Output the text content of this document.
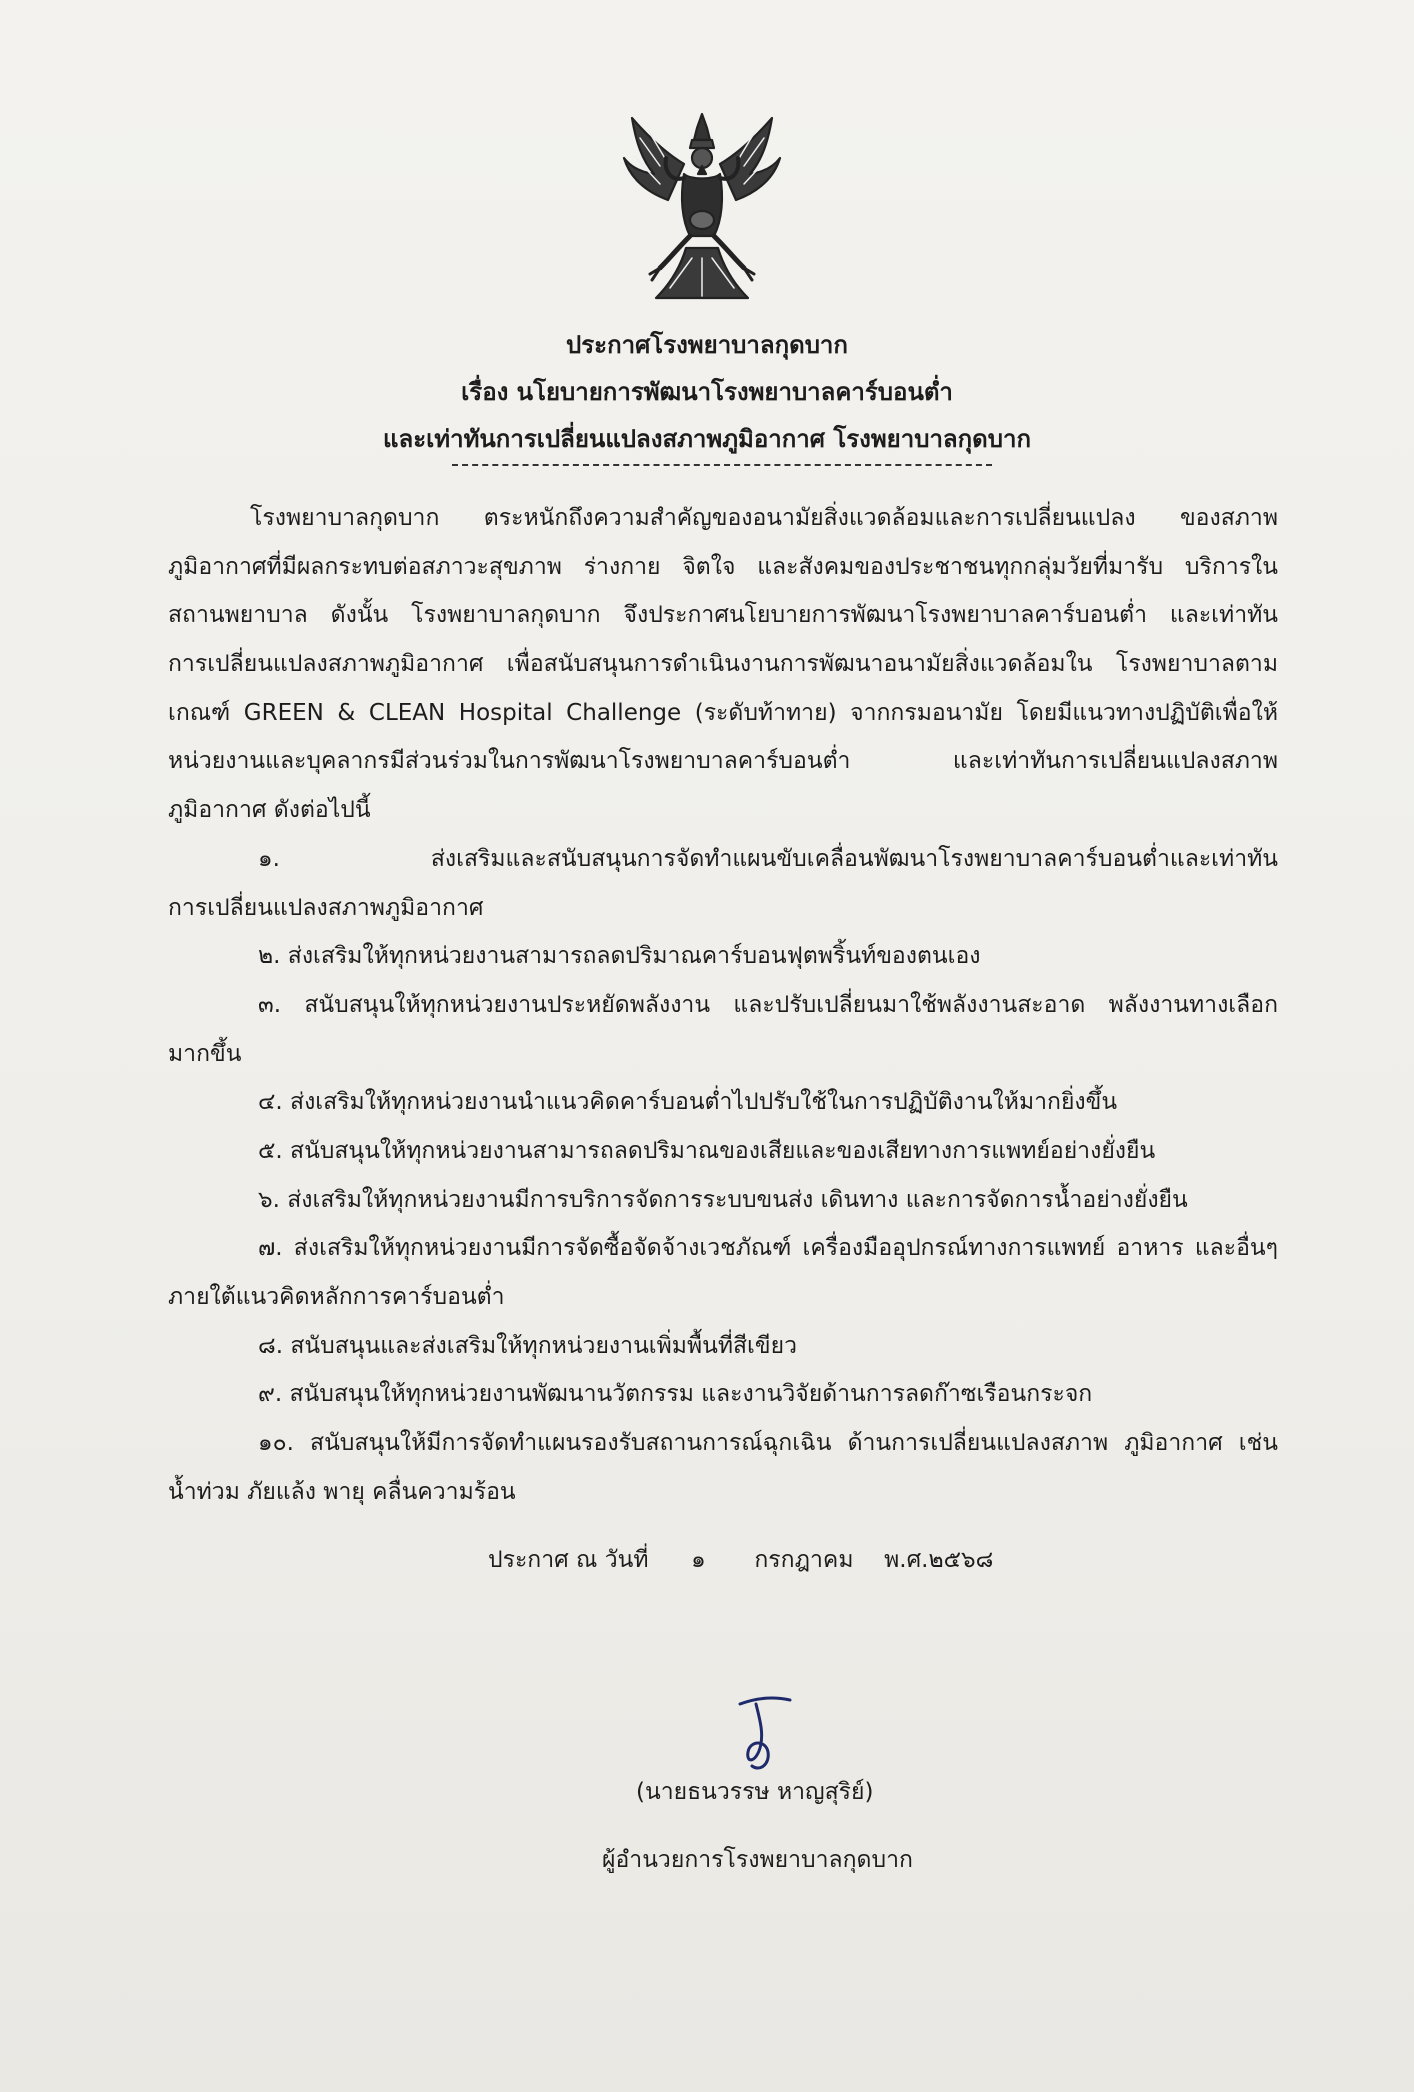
ประกาศโรงพยาบาลกุดบาก
เรื่อง นโยบายการพัฒนาโรงพยาบาลคาร์บอนต่ำ
และเท่าทันการเปลี่ยนแปลงสภาพภูมิอากาศ โรงพยาบาลกุดบาก
โรงพยาบาลกุดบาก ตระหนักถึงความสำคัญของอนามัยสิ่งแวดล้อมและการเปลี่ยนแปลง ของสภาพ
ภูมิอากาศที่มีผลกระทบต่อสภาวะสุขภาพ ร่างกาย จิตใจ และสังคมของประชาชนทุกกลุ่มวัยที่มารับ บริการใน
สถานพยาบาล ดังนั้น โรงพยาบาลกุดบาก จึงประกาศนโยบายการพัฒนาโรงพยาบาลคาร์บอนต่ำ และเท่าทัน
การเปลี่ยนแปลงสภาพภูมิอากาศ เพื่อสนับสนุนการดำเนินงานการพัฒนาอนามัยสิ่งแวดล้อมใน โรงพยาบาลตาม
เกณฑ์ GREEN & CLEAN Hospital Challenge (ระดับท้าทาย) จากกรมอนามัย โดยมีแนวทางปฏิบัติเพื่อให้
หน่วยงานและบุคลากรมีส่วนร่วมในการพัฒนาโรงพยาบาลคาร์บอนต่ำ และเท่าทันการเปลี่ยนแปลงสภาพ
ภูมิอากาศ ดังต่อไปนี้
๑. ส่งเสริมและสนับสนุนการจัดทำแผนขับเคลื่อนพัฒนาโรงพยาบาลคาร์บอนต่ำและเท่าทัน
การเปลี่ยนแปลงสภาพภูมิอากาศ
๒. ส่งเสริมให้ทุกหน่วยงานสามารถลดปริมาณคาร์บอนฟุตพริ้นท์ของตนเอง
๓. สนับสนุนให้ทุกหน่วยงานประหยัดพลังงาน และปรับเปลี่ยนมาใช้พลังงานสะอาด พลังงานทางเลือก
มากขึ้น
๔. ส่งเสริมให้ทุกหน่วยงานนำแนวคิดคาร์บอนต่ำไปปรับใช้ในการปฏิบัติงานให้มากยิ่งขึ้น
๕. สนับสนุนให้ทุกหน่วยงานสามารถลดปริมาณของเสียและของเสียทางการแพทย์อย่างยั่งยืน
๖. ส่งเสริมให้ทุกหน่วยงานมีการบริการจัดการระบบขนส่ง เดินทาง และการจัดการน้ำอย่างยั่งยืน
๗. ส่งเสริมให้ทุกหน่วยงานมีการจัดซื้อจัดจ้างเวชภัณฑ์ เครื่องมืออุปกรณ์ทางการแพทย์ อาหาร และอื่นๆ
ภายใต้แนวคิดหลักการคาร์บอนต่ำ
๘. สนับสนุนและส่งเสริมให้ทุกหน่วยงานเพิ่มพื้นที่สีเขียว
๙. สนับสนุนให้ทุกหน่วยงานพัฒนานวัตกรรม และงานวิจัยด้านการลดก๊าซเรือนกระจก
๑๐. สนับสนุนให้มีการจัดทำแผนรองรับสถานการณ์ฉุกเฉิน ด้านการเปลี่ยนแปลงสภาพ ภูมิอากาศ เช่น
น้ำท่วม ภัยแล้ง พายุ คลื่นความร้อน
ประกาศ ณ วันที่ ๑ กรกฎาคม พ.ศ.๒๕๖๘
(นายธนวรรษ หาญสุริย์)
ผู้อำนวยการโรงพยาบาลกุดบาก
